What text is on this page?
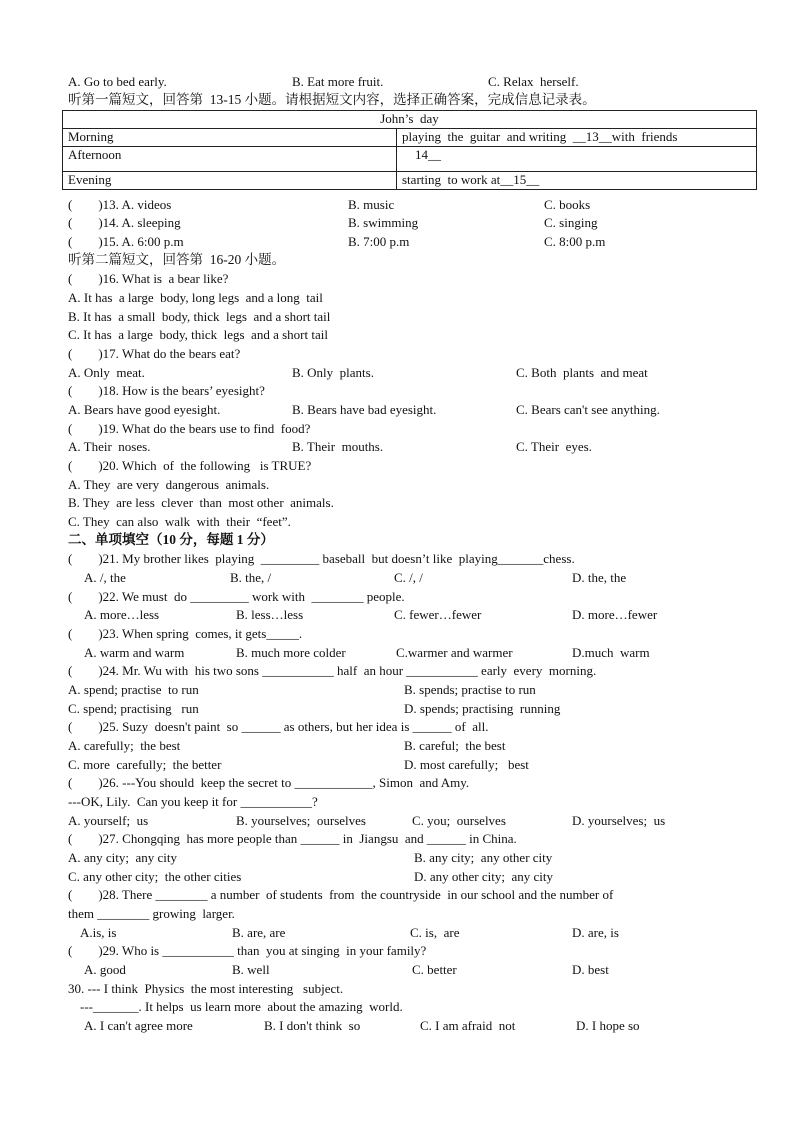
A. Go to bed early.	B. Eat more fruit.	C. Relax  herself.
听第一篇短文，回答第  13-15 小题。请根据短文内容，选择正确答案，完成信息记录表。
John’s  day	
Morning	playing  the  guitar  and writing  __13__with  friends
Afternoon	14__
Evening	starting  to work at__15__
(        )13. A. videos	B. music	C. books
(        )14. A. sleeping	B. swimming	C. singing
(        )15. A. 6:00 p.m	B. 7:00 p.m	C. 8:00 p.m
听第二篇短文，回答第  16-20 小题。
(        )16. What is  a bear like?
A. It has  a large  body, long legs  and a long  tail
B. It has  a small  body, thick  legs  and a short tail
C. It has  a large  body, thick  legs  and a short tail
(        )17. What do the bears eat?
A. Only  meat.	B. Only  plants.	C. Both  plants  and meat
(        )18. How is the bears’ eyesight?
A. Bears have good eyesight.	B. Bears have bad eyesight.	C. Bears can't see anything.
(        )19. What do the bears use to find  food?
A. Their  noses.	B. Their  mouths.	C. Their  eyes.
(        )20. Which  of  the following   is TRUE?
A. They  are very  dangerous  animals.
B. They  are less  clever  than  most other  animals.
C. They  can also  walk  with  their  “feet”.
二、单项填空（10 分，每题 1 分）
(        )21. My brother likes  playing  _________ baseball  but doesn’t like  playing_______chess.
A. /, the	B. the, /	C. /, /	D. the, the
(        )22. We must  do _________ work with  ________ people.
A. more…less	B. less…less	C. fewer…fewer	D. more…fewer
(        )23. When spring  comes, it gets_____.
A. warm and warm	B. much more colder	C.warmer and warmer	D.much  warm
(        )24. Mr. Wu with  his two sons ___________ half  an hour ___________ early  every  morning.
A. spend; practise  to run	B. spends; practise to run
C. spend; practising   run	D. spends; practising  running
(        )25. Suzy  doesn't paint  so ______ as others, but her idea is ______ of  all.
A. carefully;  the best	B. careful;  the best
C. more  carefully;  the better	D. most carefully;   best
(        )26. ---You should  keep the secret to ____________, Simon  and Amy.
---OK, Lily.  Can you keep it for ___________?
A. yourself;  us	B. yourselves;  ourselves	C. you;  ourselves	D. yourselves;  us
(        )27. Chongqing  has more people than ______ in  Jiangsu  and ______ in China.
A. any city;  any city	B. any city;  any other city
C. any other city;  the other cities	D. any other city;  any city
(        )28. There ________ a number  of students  from  the countryside  in our school and the number of
them ________ growing  larger.
A.is, is	B. are, are	C. is,  are	D. are, is
(        )29. Who is ___________ than  you at singing  in your family?
A. good	B. well	C. better	D. best
30. --- I think  Physics  the most interesting   subject.
---_______. It helps  us learn more  about the amazing  world.
A. I can't agree more	B. I don't think  so	C. I am afraid  not	D. I hope so
